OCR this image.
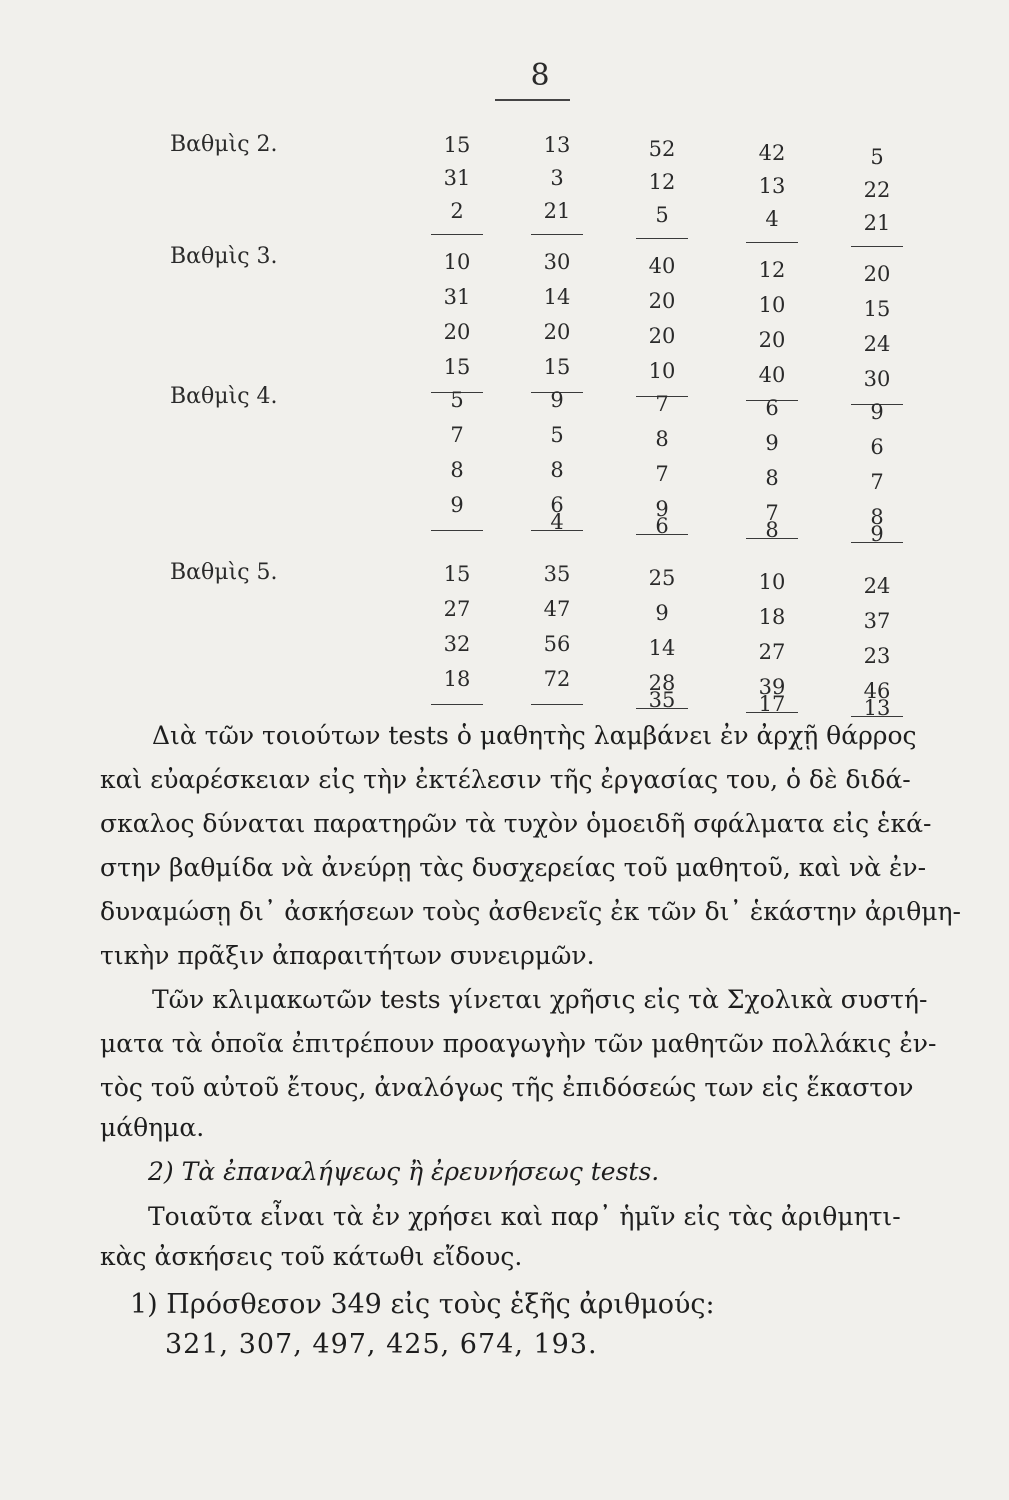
8
Βαθμὶς 2.
Βαθμὶς 3.
Βαθμὶς 4.
Βαθμὶς 5.
15
31
2
13
3
21
52
12
5
42
13
4
5
22
21
10
31
20
15
30
14
20
15
40
20
20
10
12
10
20
40
20
15
24
30
5
7
8
9
9
5
8
6
4
7
8
7
9
6
6
9
8
7
8
9
6
7
8
9
15
27
32
18
35
47
56
72
25
9
14
28
35
10
18
27
39
17
24
37
23
46
13
Διὰ τῶν τοιούτων tests ὁ μαθητὴς λαμβάνει ἐν ἀρχῇ θάρρος
καὶ εὐαρέσκειαν εἰς τὴν ἐκτέλεσιν τῆς ἐργασίας του, ὁ δὲ διδά-
σκαλος δύναται παρατηρῶν τὰ τυχὸν ὁμοειδῆ σφάλματα εἰς ἑκά-
στην βαθμίδα νὰ ἀνεύρῃ τὰς δυσχερείας τοῦ μαθητοῦ, καὶ νὰ ἐν-
δυναμώσῃ δι᾽ ἀσκήσεων τοὺς ἀσθενεῖς ἐκ τῶν δι᾽ ἑκάστην ἀριθμη-
τικὴν πρᾶξιν ἀπαραιτήτων συνειρμῶν.
Τῶν κλιμακωτῶν tests γίνεται χρῆσις εἰς τὰ Σχολικὰ συστή-
ματα τὰ ὁποῖα ἐπιτρέπουν προαγωγὴν τῶν μαθητῶν πολλάκις ἐν-
τὸς τοῦ αὐτοῦ ἔτους, ἀναλόγως τῆς ἐπιδόσεώς των εἰς ἕκαστον
μάθημα.
2) Τὰ ἐπαναλήψεως ἢ ἐρευνήσεως tests.
Τοιαῦτα εἶναι τὰ ἐν χρήσει καὶ παρ᾽ ἡμῖν εἰς τὰς ἀριθμητι-
κὰς ἀσκήσεις τοῦ κάτωθι εἴδους.
1) Πρόσθεσον 349 εἰς τοὺς ἑξῆς ἀριθμούς:
321, 307, 497, 425, 674, 193.
